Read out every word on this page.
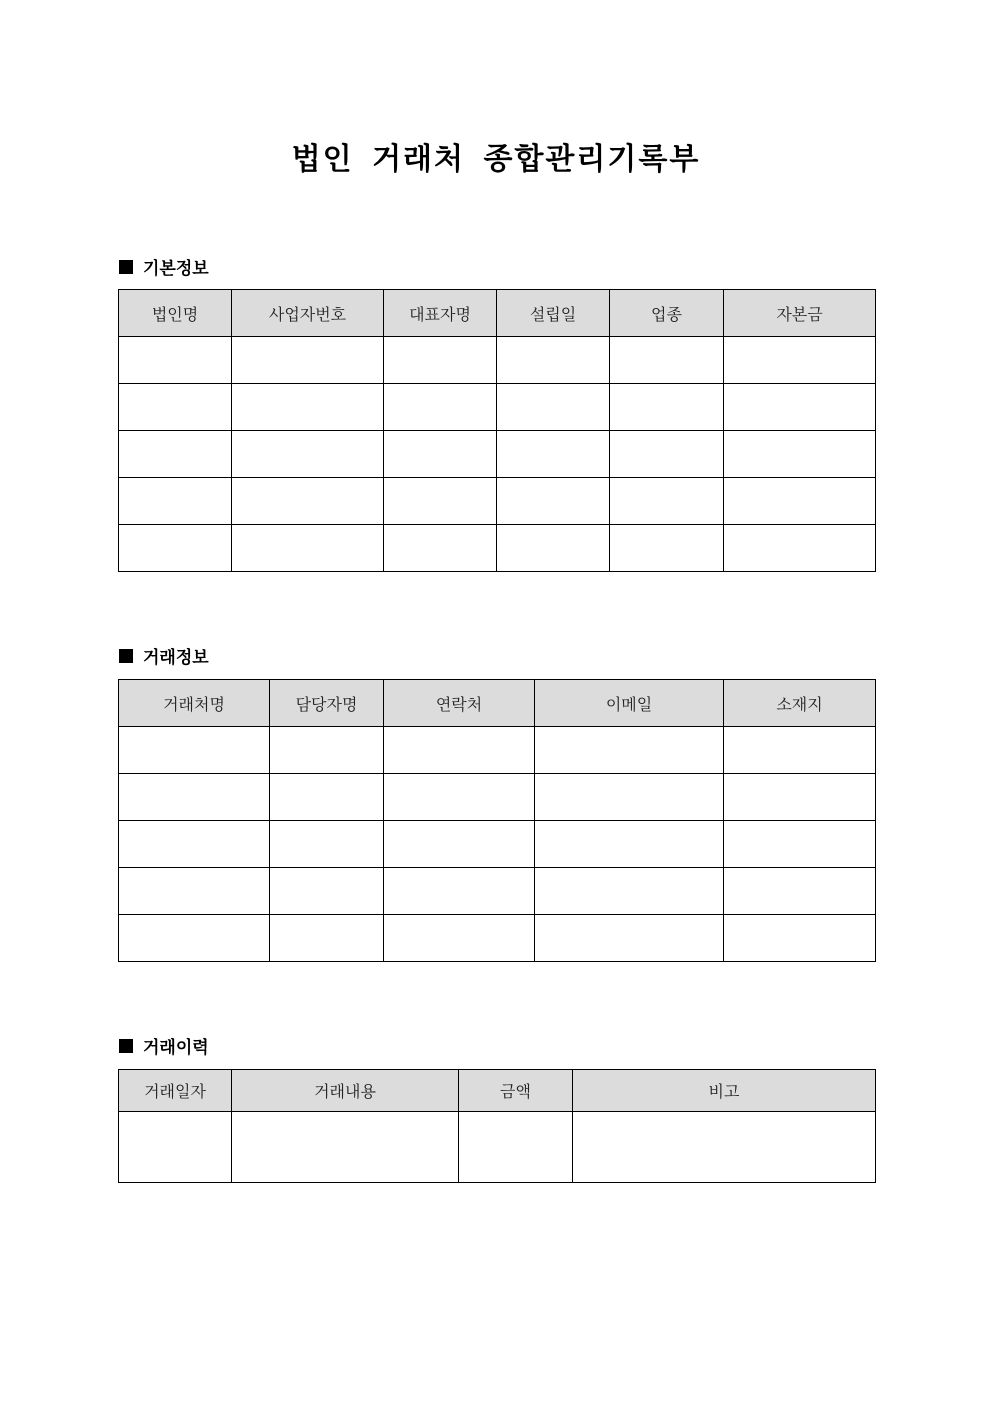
법인 거래처 종합관리기록부
기본정보
법인명	사업자번호	대표자명	설립일	업종	자본금

거래정보
거래처명	담당자명	연락처	이메일	소재지

거래이력
거래일자	거래내용	금액	비고
